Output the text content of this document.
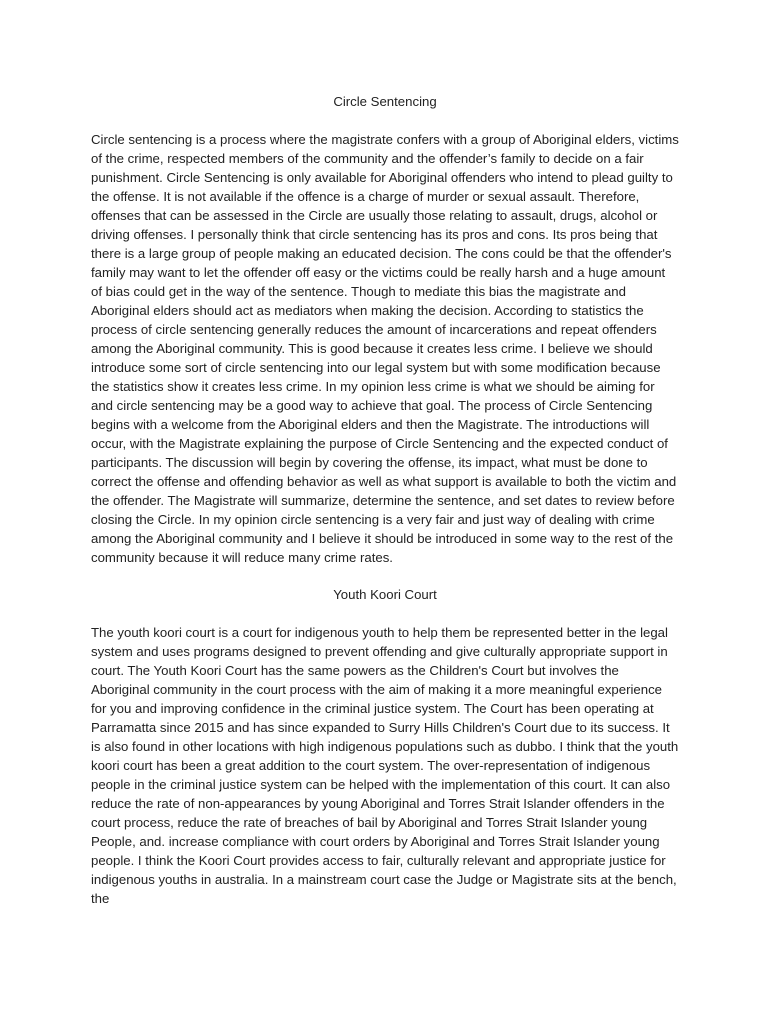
Circle Sentencing

Circle sentencing is a process where the magistrate confers with a group of Aboriginal elders, victims of the crime, respected members of the community and the offender’s family to decide on a fair punishment. Circle Sentencing is only available for Aboriginal offenders who intend to plead guilty to the offense. It is not available if the offence is a charge of murder or sexual assault. Therefore, offenses that can be assessed in the Circle are usually those relating to assault, drugs, alcohol or driving offenses. I personally think that circle sentencing has its pros and cons. Its pros being that there is a large group of people making an educated decision. The cons could be that the offender's family may want to let the offender off easy or the victims could be really harsh and a huge amount of bias could get in the way of the sentence. Though to mediate this bias the magistrate and Aboriginal elders should act as mediators when making the decision. According to statistics the process of circle sentencing generally reduces the amount of incarcerations and repeat offenders among the Aboriginal community. This is good because it creates less crime. I believe we should introduce some sort of circle sentencing into our legal system but with some modification because the statistics show it creates less crime. In my opinion less crime is what we should be aiming for and circle sentencing may be a good way to achieve that goal. The process of Circle Sentencing begins with a welcome from the Aboriginal elders and then the Magistrate. The introductions will occur, with the Magistrate explaining the purpose of Circle Sentencing and the expected conduct of participants. The discussion will begin by covering the offense, its impact, what must be done to correct the offense and offending behavior as well as what support is available to both the victim and the offender. The Magistrate will summarize, determine the sentence, and set dates to review before closing the Circle. In my opinion circle sentencing is a very fair and just way of dealing with crime among the Aboriginal community and I believe it should be introduced in some way to the rest of the community because it will reduce many crime rates.

Youth Koori Court

The youth koori court is a court for indigenous youth to help them be represented better in the legal system and uses programs designed to prevent offending and give culturally appropriate support in court. The Youth Koori Court has the same powers as the Children's Court but involves the Aboriginal community in the court process with the aim of making it a more meaningful experience for you and improving confidence in the criminal justice system. The Court has been operating at Parramatta since 2015 and has since expanded to Surry Hills Children's Court due to its success. It is also found in other locations with high indigenous populations such as dubbo. I think that the youth koori court has been a great addition to the court system. The over-representation of indigenous people in the criminal justice system can be helped with the implementation of this court. It can also reduce the rate of non-appearances by young Aboriginal and Torres Strait Islander offenders in the court process, reduce the rate of breaches of bail by Aboriginal and Torres Strait Islander young People, and. increase compliance with court orders by Aboriginal and Torres Strait Islander young people. I think the Koori Court provides access to fair, culturally relevant and appropriate justice for indigenous youths in australia. In a mainstream court case the Judge or Magistrate sits at the bench, the
